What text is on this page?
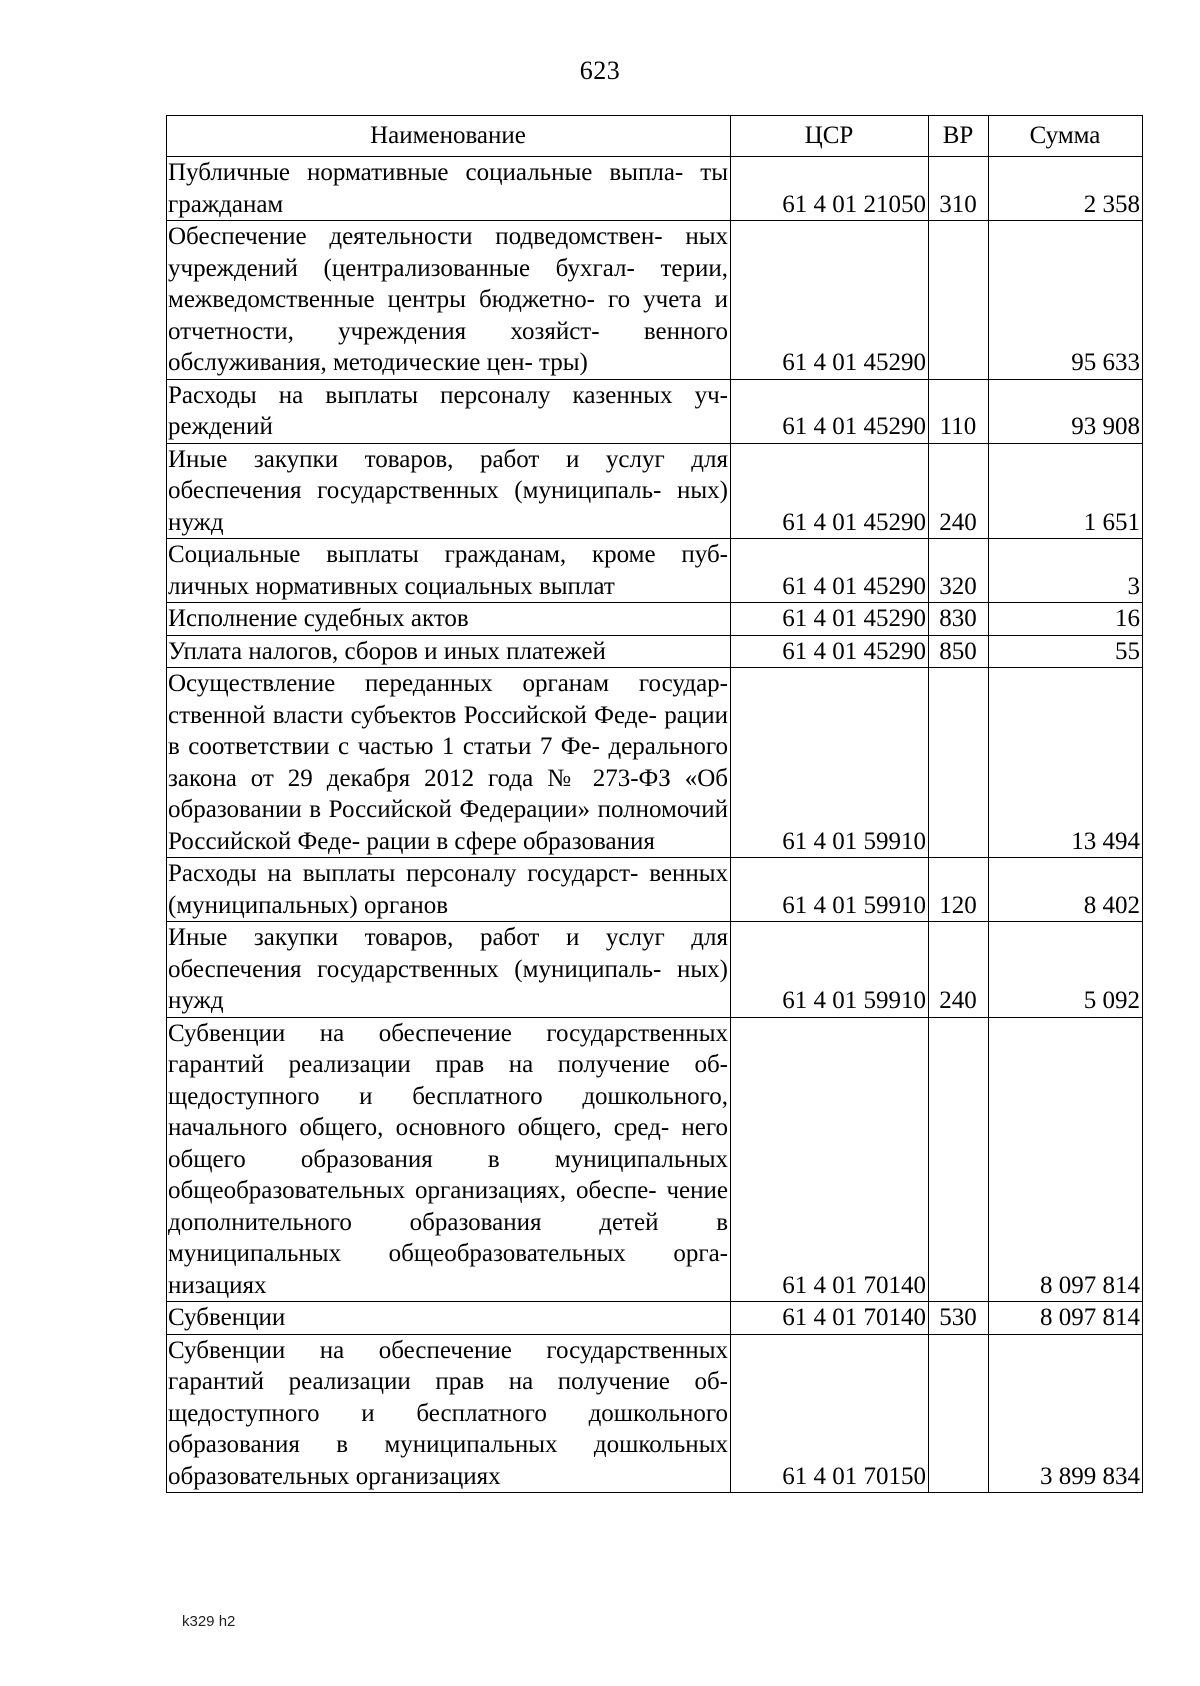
623
Наименование	ЦСР	ВР	Сумма
Публичные нормативные социальные выпла- ты гражданам	61 4 01 21050	310	2 358
Обеспечение деятельности подведомствен- ных учреждений (централизованные бухгал- терии, межведомственные центры бюджетно- го учета и отчетности, учреждения хозяйст- венного обслуживания, методические цен- тры)	61 4 01 45290		95 633
Расходы на выплаты персоналу казенных уч- реждений	61 4 01 45290	110	93 908
Иные закупки товаров, работ и услуг для обеспечения государственных (муниципаль- ных) нужд	61 4 01 45290	240	1 651
Социальные выплаты гражданам, кроме пуб- личных нормативных социальных выплат	61 4 01 45290	320	3
Исполнение судебных актов	61 4 01 45290	830	16
Уплата налогов, сборов и иных платежей	61 4 01 45290	850	55
Осуществление переданных органам государ- ственной власти субъектов Российской Феде- рации в соответствии с частью 1 статьи 7 Фе- дерального закона от 29 декабря 2012 года № 273-ФЗ «Об образовании в Российской Федерации» полномочий Российской Феде- рации в сфере образования	61 4 01 59910		13 494
Расходы на выплаты персоналу государст- венных (муниципальных) органов	61 4 01 59910	120	8 402
Иные закупки товаров, работ и услуг для обеспечения государственных (муниципаль- ных) нужд	61 4 01 59910	240	5 092
Субвенции на обеспечение государственных гарантий реализации прав на получение об- щедоступного и бесплатного дошкольного, начального общего, основного общего, сред- него общего образования в муниципальных общеобразовательных организациях, обеспе- чение дополнительного образования детей в муниципальных общеобразовательных орга- низациях	61 4 01 70140		8 097 814
Субвенции	61 4 01 70140	530	8 097 814
Субвенции на обеспечение государственных гарантий реализации прав на получение об- щедоступного и бесплатного дошкольного образования в муниципальных дошкольных образовательных организациях	61 4 01 70150		3 899 834
k329 h2
